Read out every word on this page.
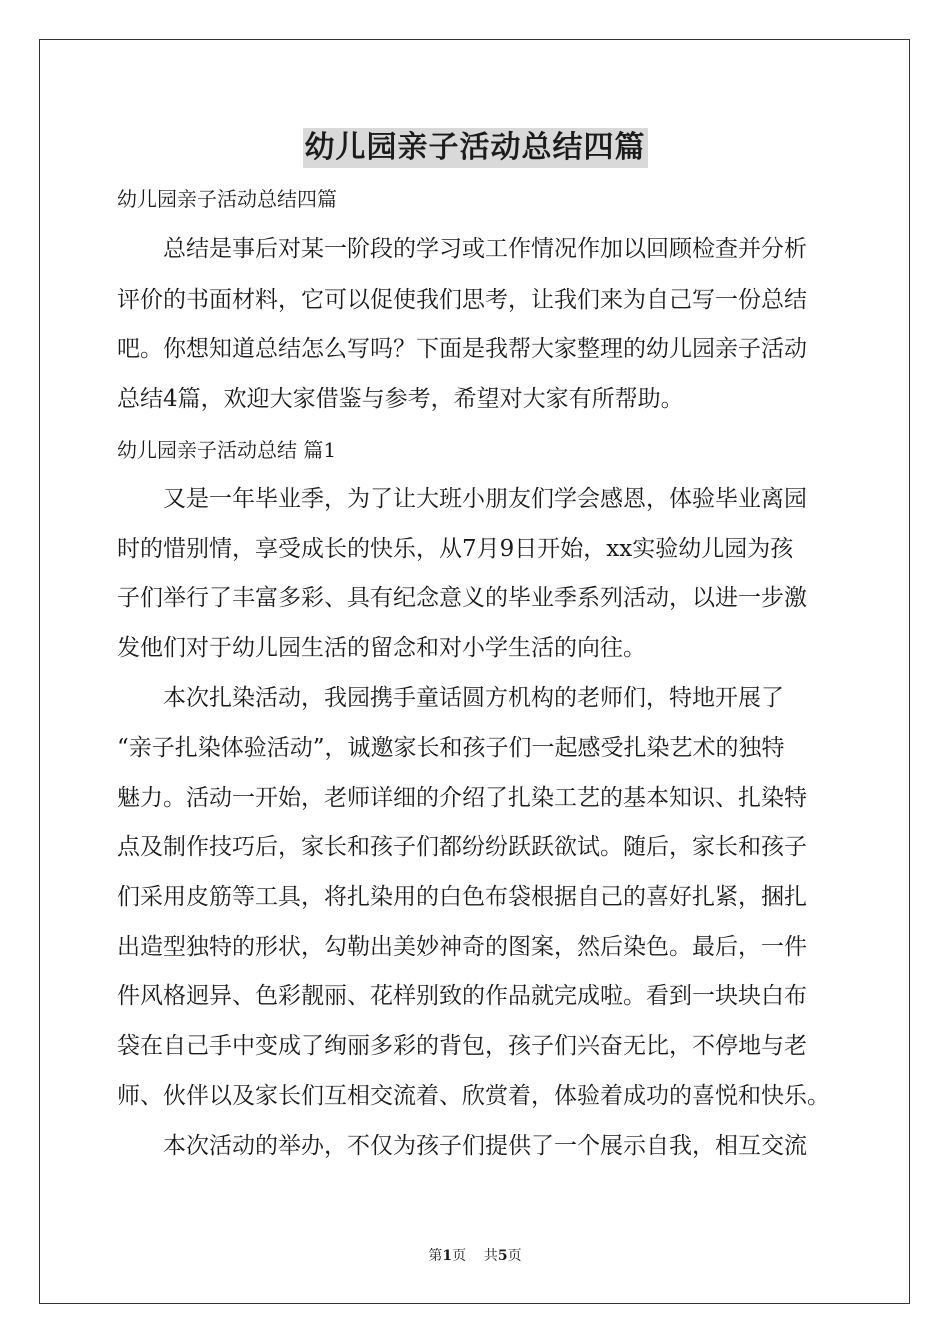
幼儿园亲子活动总结四篇
幼儿园亲子活动总结四篇
总结是事后对某一阶段的学习或工作情况作加以回顾检查并分析
评价的书面材料，它可以促使我们思考，让我们来为自己写一份总结
吧。你想知道总结怎么写吗？下面是我帮大家整理的幼儿园亲子活动
总结4篇，欢迎大家借鉴与参考，希望对大家有所帮助。
幼儿园亲子活动总结 篇1
又是一年毕业季，为了让大班小朋友们学会感恩，体验毕业离园
时的惜别情，享受成长的快乐，从7月9日开始，xx实验幼儿园为孩
子们举行了丰富多彩、具有纪念意义的毕业季系列活动，以进一步激
发他们对于幼儿园生活的留念和对小学生活的向往。
本次扎染活动，我园携手童话圆方机构的老师们，特地开展了
“亲子扎染体验活动”，诚邀家长和孩子们一起感受扎染艺术的独特
魅力。活动一开始，老师详细的介绍了扎染工艺的基本知识、扎染特
点及制作技巧后，家长和孩子们都纷纷跃跃欲试。随后，家长和孩子
们采用皮筋等工具，将扎染用的白色布袋根据自己的喜好扎紧，捆扎
出造型独特的形状，勾勒出美妙神奇的图案，然后染色。最后，一件
件风格迥异、色彩靓丽、花样别致的作品就完成啦。看到一块块白布
袋在自己手中变成了绚丽多彩的背包，孩子们兴奋无比，不停地与老
师、伙伴以及家长们互相交流着、欣赏着，体验着成功的喜悦和快乐。
本次活动的举办，不仅为孩子们提供了一个展示自我，相互交流
第1页    共5页
